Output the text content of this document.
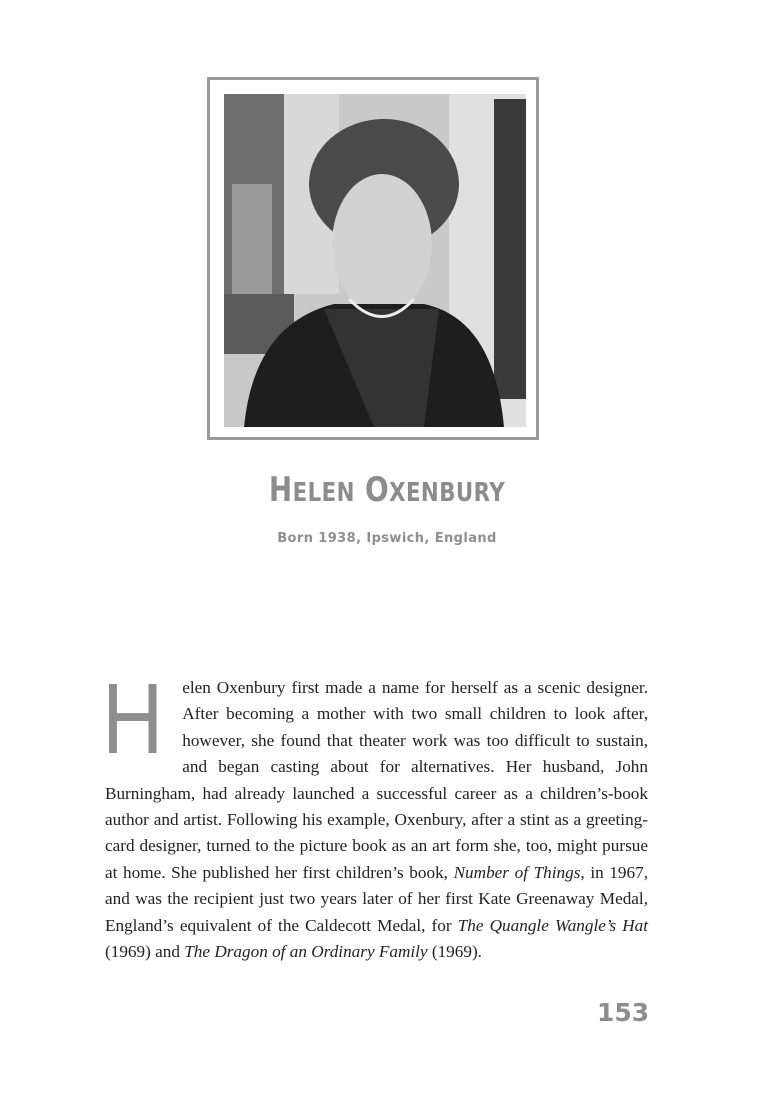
HELEN OXENBURY
Born 1938, Ipswich, England

H elen Oxenbury first made a name for herself as a scenic designer. After becoming a mother with two small children to look after, however, she found that theater work was too difficult to sustain, and began casting about for alternatives. Her husband, John Burningham, had already launched a successful career as a children’s-book author and artist. Following his example, Oxenbury, after a stint as a greeting-card designer, turned to the picture book as an art form she, too, might pursue at home. She published her first children’s book, Number of Things, in 1967, and was the recipient just two years later of her first Kate Greenaway Medal, England’s equivalent of the Caldecott Medal, for The Quangle Wangle’s Hat (1969) and The Dragon of an Ordinary Family (1969).

153
